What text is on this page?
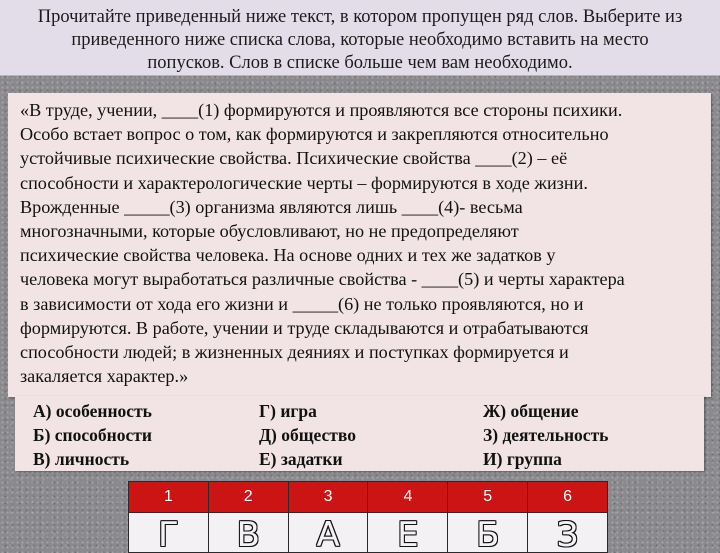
Прочитайте приведенный ниже текст, в котором пропущен ряд слов. Выберите из
приведенного ниже списка слова, которые необходимо вставить на место
попусков. Слов в списке больше чем вам необходимо.
«В труде, учении, ____(1) формируются и проявляются все стороны психики.
Особо встает вопрос о том, как формируются и закрепляются относительно
устойчивые психические свойства. Психические свойства ____(2) – её
способности и характерологические черты – формируются в ходе жизни.
Врожденные _____(3) организма являются лишь ____(4)- весьма
многозначными, которые обусловливают, но не предопределяют
психические свойства человека. На основе одних и тех же задатков у
человека могут выработаться различные свойства - ____(5) и черты характера
в зависимости от хода его жизни и _____(6) не только проявляются, но и
формируются. В работе, учении и труде складываются и отрабатываются
способности людей; в жизненных деяниях и поступках формируется и
закаляется характер.»
А) особенность
Б) способности
В) личность
Г) игра
Д) общество
Е) задатки
Ж) общение
З) деятельность
И) группа
1	2	3	4	5	6

Г	В	А	Е	Б	З
